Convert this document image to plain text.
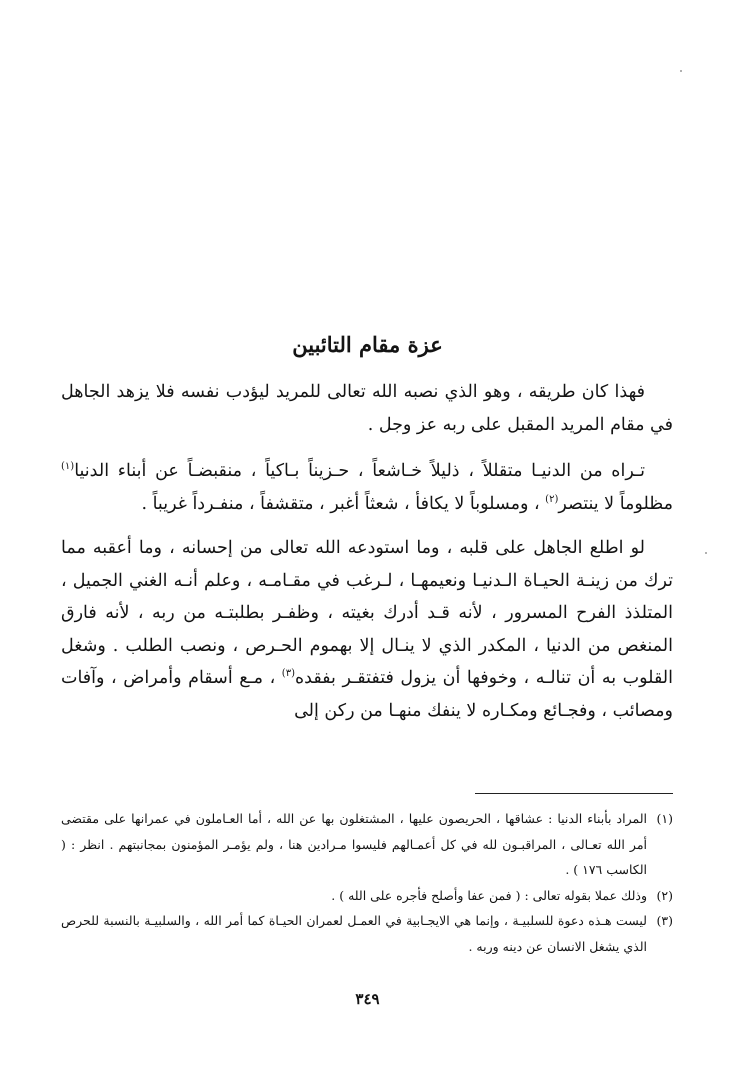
عزة مقام التائبين

فهذا كان طريقه ، وهو الذي نصبه الله تعالى للمريد ليؤدب نفسه فلا يزهد الجاهل في مقام المريد المقبل على ربه عز وجل .

تـراه من الدنيـا متقللاً ، ذليلاً خـاشعاً ، حـزيناً بـاكياً ، منقبضـاً عن أبناء الدنيا$^{(١)}$ مظلوماً لا ينتصر$^{(٢)}$ ، ومسلوباً لا يكافأ ، شعثاً أغبر ، متقشفاً ، منفـرداً غريباً .

لو اطلع الجاهل على قلبه ، وما استودعه الله تعالى من إحسانه ، وما أعقبه مما ترك من زينـة الحيـاة الـدنيـا ونعيمهـا ، لـرغب في مقـامـه ، وعلم أنـه الغني الجميل ، المتلذذ الفرح المسرور ، لأنه قـد أدرك بغيته ، وظفـر بطلبتـه من ربه ، لأنه فارق المنغص من الدنيا ، المكدر الذي لا ينـال إلا بهموم الحـرص ، ونصب الطلب . وشغل القلوب به أن تنالـه ، وخوفها أن يزول فتفتقـر بفقده$^{(٣)}$ ، مـع أسقام وأمراض ، وآفات ومصائب ، وفجـائع ومكـاره لا ينفك منهـا من ركن إلى

(١)
المراد بأبناء الدنيا : عشاقها ، الحريصون عليها ، المشتغلون بها عن الله ، أما العـاملون في عمرانها على مقتضى أمر الله تعـالى ، المراقبـون لله في كل أعمـالهم فليسوا مـرادين هنا ، ولم يؤمـر المؤمنون بمجانبتهم . انظر : ( الكاسب ١٧٦ ) .
(٢)
وذلك عملا بقوله تعالى : ( فمن عفا وأصلح فأجره على الله ) .
(٣)
ليست هـذه دعوة للسلبيـة ، وإنما هي الايجـابية في العمـل لعمران الحيـاة كما أمر الله ، والسلبيـة بالنسبة للحرص الذي يشغل الانسان عن دينه وربه .
٣٤٩
